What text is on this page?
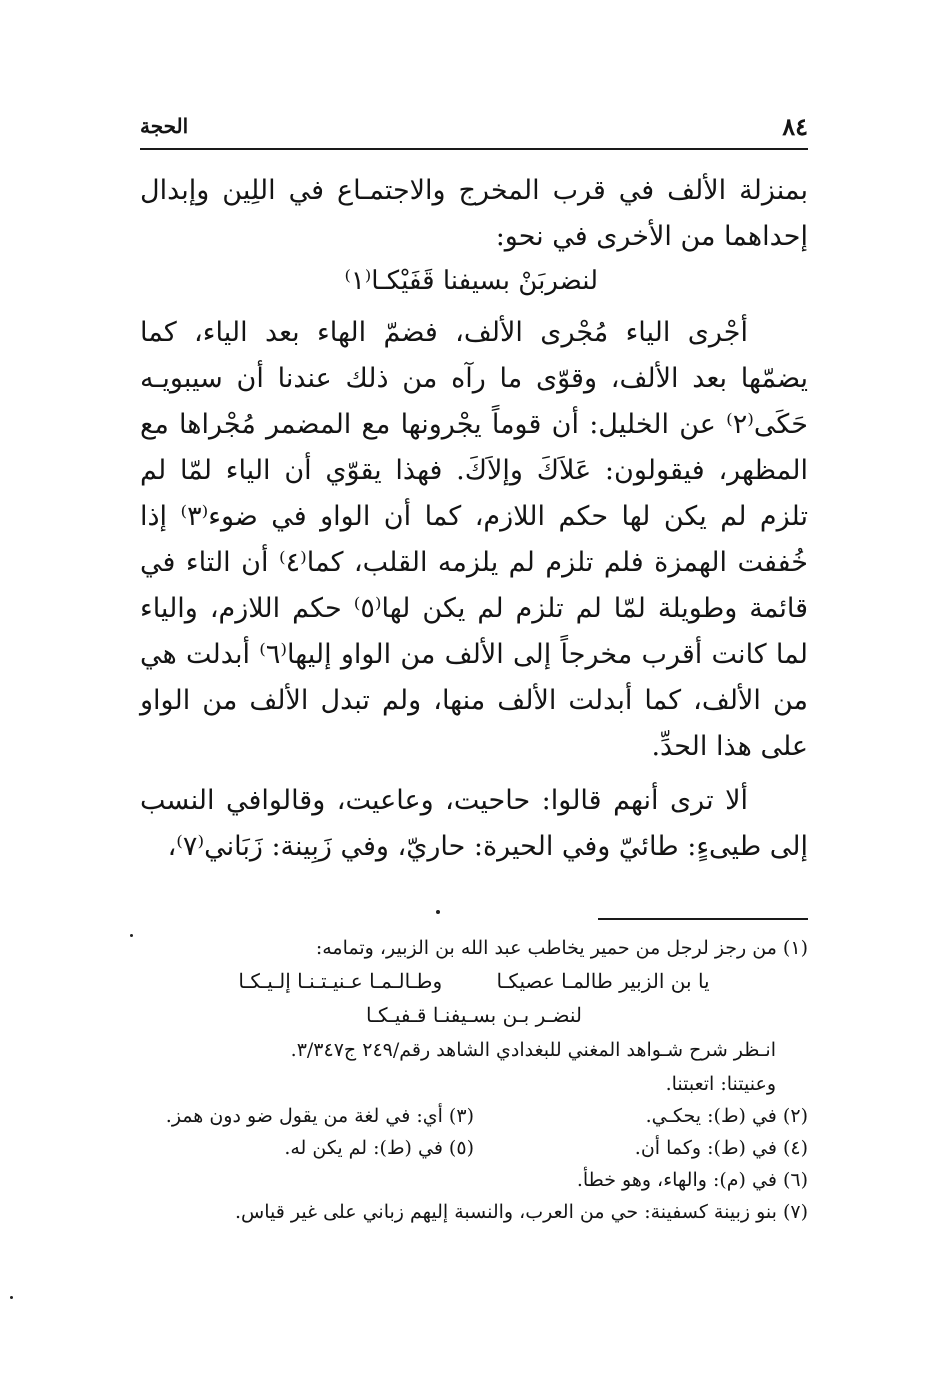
٨٤
الحجة

بمنزلة الألف في قرب المخرج والاجتمـاع في اللِين وإبدال إحداهما من الأخرى في نحو:

لنضربَنْ بسيفنا قَفَيْكـا⁽١⁾

أجْرى الياء مُجْرى الألف، فضمّ الهاء بعد الياء، كما يضمّها بعد الألف، وقوّى ما رآه من ذلك عندنا أن سيبويـه حَكَى⁽٢⁾ عن الخليل: أن قوماً يجْرونها مع المضمر مُجْراها مع المظهر، فيقولون: عَلاَكَ وإلاَكَ. فهذا يقوّي أن الياء لمّا لم تلزم لم يكن لها حكم اللازم، كما أن الواو في ضوء⁽٣⁾ إذا خُففت الهمزة فلم تلزم لم يلزمه القلب، كما⁽٤⁾ أن التاء في قائمة وطويلة لمّا لم تلزم لم يكن لها⁽٥⁾ حكم اللازم، والياء لما كانت أقرب مخرجاً إلى الألف من الواو إليها⁽٦⁾ أبدلت هي من الألف، كما أبدلت الألف منها، ولم تبدل الألف من الواو على هذا الحدِّ.

ألا ترى أنهم قالوا: حاحيت، وعاعيت، وقالوافي النسب إلى طيىءٍ: طائيّ وفي الحيرة: حاريّ، وفي زَبِينة: زَبَاني⁽٧⁾،

(١) من رجز لرجل من حمير يخاطب عبد الله بن الزبير، وتمامه:

يا بن الزبير طالمـا عصيكـا وطـالـمـا عـنيـتـنـا إلـيـكـا

لنضـر بـن بسـيفنـا قـفيـكـا

انـظر شرح شـواهد المغني للبغدادي الشاهد رقم/٢٤٩ ج٣/٣٤٧.

وعنيتنا: اتعبتنا.

(٢) في (ط): يحكـي.
(٣) أي: في لغة من يقول ضو دون همز.
(٤) في (ط): وكما أن.
(٥) في (ط): لم يكن له.

(٦) في (م): والهاء، وهو خطأ.

(٧) بنو زبينة كسفينة: حي من العرب، والنسبة إليهم زباني على غير قياس.
